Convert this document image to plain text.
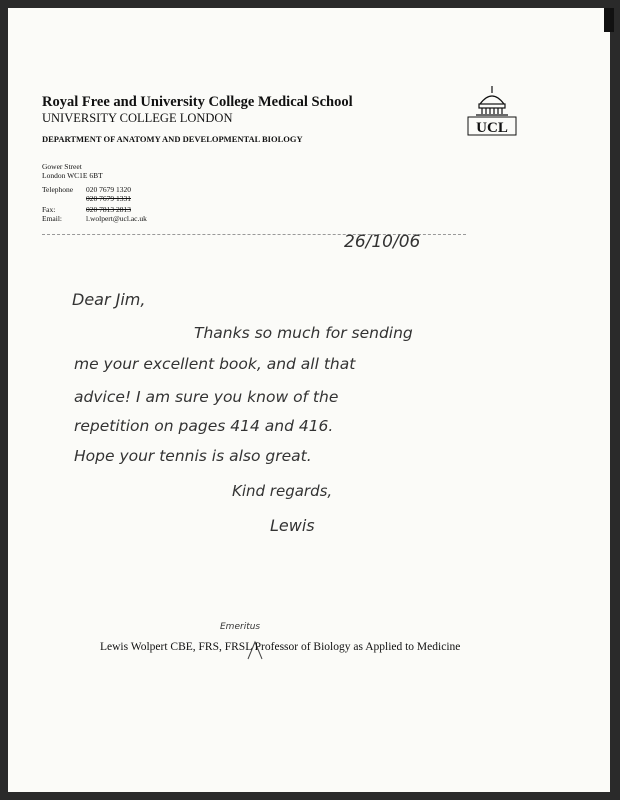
Royal Free and University College Medical School
UNIVERSITY COLLEGE LONDON
DEPARTMENT OF ANATOMY AND DEVELOPMENTAL BIOLOGY
Gower Street
London WC1E 6BT
Telephone 020 7679 1320
020 7679 1331
Fax:	020 7813 2813
Email:	l.wolpert@ucl.ac.uk
UCL
26/10/06
Dear Jim,
Thanks so much for sending
me your excellent book, and all that
advice! I am sure you know of the
repetition on pages 414 and 416.
Hope your tennis is also great.
Kind regards,
Lewis
Emeritus
Lewis Wolpert CBE, FRS, FRSL Professor of Biology as Applied to Medicine
